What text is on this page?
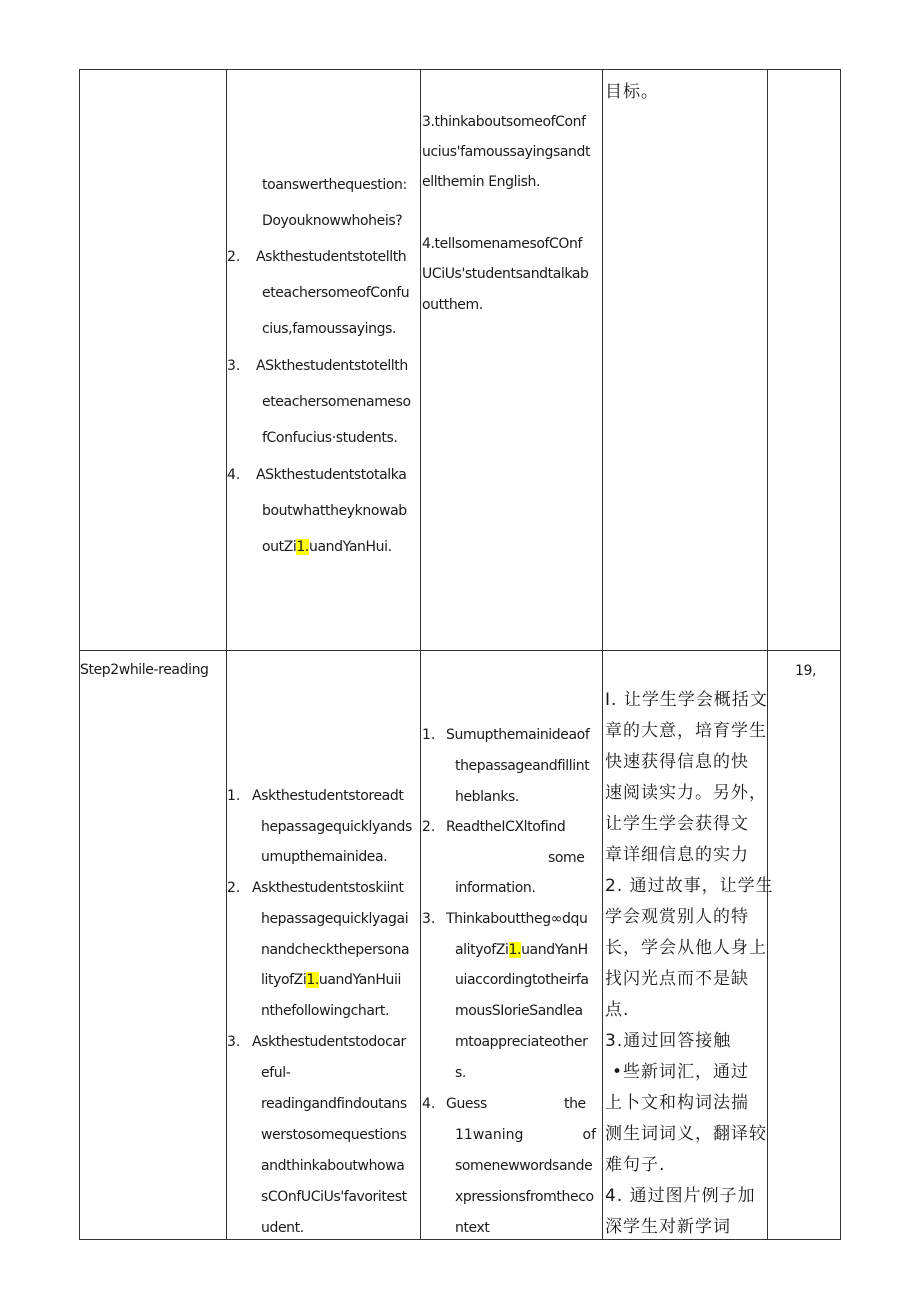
toanswerthequestion:
Doyouknowwhoheis?
2. Askthestudentstotellth
eteachersomeofConfu
cius,famoussayings.
3. ASkthestudentstotellth
eteachersomenameso
fConfucius·students.
4. ASkthestudentstotalka
boutwhattheyknowab
outZi1.uandYanHui.
3.thinkaboutsomeofConf
ucius'famoussayingsandt
ellthemin English.
4.tellsomenamesofCOnf
UCiUs'studentsandtalkab
outthem.
目标。
Step2while-reading
1. Askthestudentstoreadt
hepassagequicklyands
umupthemainidea.
2. Askthestudentstoskiint
hepassagequicklyagai
nandcheckthepersona
lityofZi1.uandYanHuii
nthefollowingchart.
3. Askthestudentstodocar
eful-
readingandfindoutans
werstosomequestions
andthinkaboutwhowa
sCOnfUCiUs'favoritest
udent.
1. Sumupthemainideaof
thepassageandfillint
heblanks.
2. ReadtheICXltofind
some
information.
3. Thinkabouttheg∞dqu
alityofZi1.uandYanH
uiaccordingtotheirfa
mousSIorieSandlea
mtoappreciateother
s.
4. Guess	the
11waning	of
somenewwordsande
xpressionsfromtheco
ntext
I. 让学生学会概括文
章的大意，培育学生
快速获得信息的快
速阅读实力。另外，
让学生学会获得文
章详细信息的实力
2. 通过故事，让学生
学会观赏别人的特
长，学会从他人身上
找闪光点而不是缺
点.
3.通过回答接触
•些新词汇，通过
上卜文和构词法揣
测生词词义，翻译较
难句子.
4. 通过图片例子加
深学生对新学词
19,
